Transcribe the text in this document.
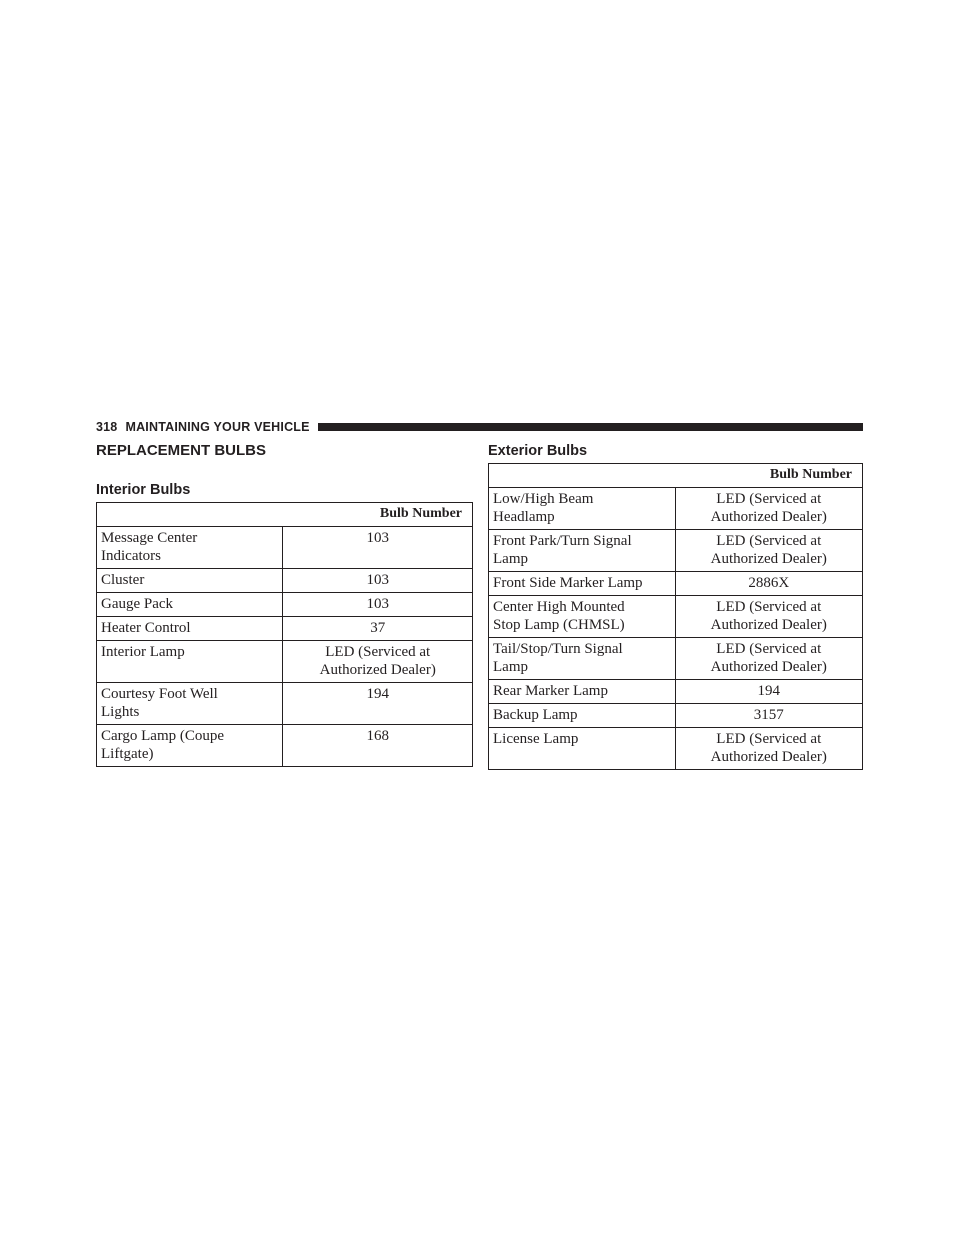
318 MAINTAINING YOUR VEHICLE
REPLACEMENT BULBS
Interior Bulbs
	Bulb Number
Message Center
Indicators	103
Cluster	103
Gauge Pack	103
Heater Control	37
Interior Lamp	LED (Serviced at
Authorized Dealer)
Courtesy Foot Well
Lights	194
Cargo Lamp (Coupe
Liftgate)	168
Exterior Bulbs
	Bulb Number
Low/High Beam
Headlamp	LED (Serviced at
Authorized Dealer)
Front Park/Turn Signal
Lamp	LED (Serviced at
Authorized Dealer)
Front Side Marker Lamp	2886X
Center High Mounted
Stop Lamp (CHMSL)	LED (Serviced at
Authorized Dealer)
Tail/Stop/Turn Signal
Lamp	LED (Serviced at
Authorized Dealer)
Rear Marker Lamp	194
Backup Lamp	3157
License Lamp	LED (Serviced at
Authorized Dealer)
